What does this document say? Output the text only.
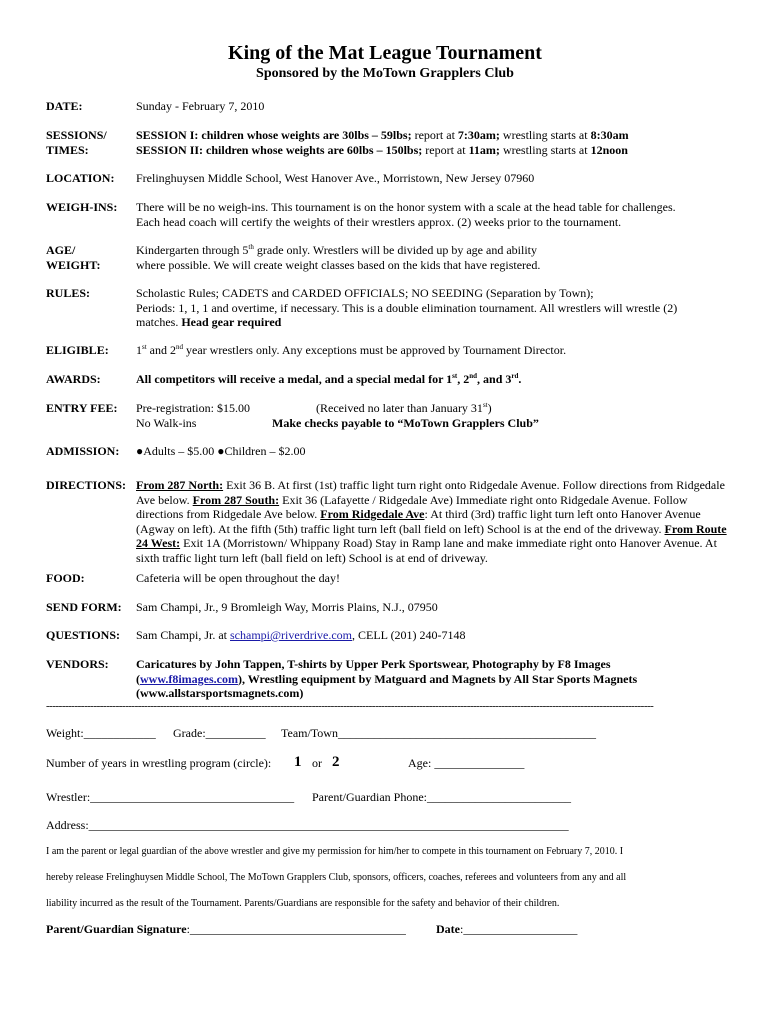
King of the Mat League Tournament
Sponsored by the MoTown Grapplers Club
DATE:	Sunday - February 7, 2010
SESSIONS/
TIMES:
SESSION I: children whose weights are 30lbs – 59lbs; report at 7:30am; wrestling starts at 8:30am
SESSION II: children whose weights are 60lbs – 150lbs; report at 11am; wrestling starts at 12noon
LOCATION: Frelinghuysen Middle School, West Hanover Ave., Morristown, New Jersey 07960
WEIGH-INS: There will be no weigh-ins. This tournament is on the honor system with a scale at the head table for challenges.
Each head coach will certify the weights of their wrestlers approx. (2) weeks prior to the tournament.
AGE/
WEIGHT:
Kindergarten through 5th grade only. Wrestlers will be divided up by age and ability
where possible. We will create weight classes based on the kids that have registered.
RULES:	Scholastic Rules; CADETS and CARDED OFFICIALS; NO SEEDING (Separation by Town);
Periods: 1, 1, 1 and overtime, if necessary. This is a double elimination tournament. All wrestlers will wrestle (2)
matches. Head gear required
ELIGIBLE: 1st and 2nd year wrestlers only. Any exceptions must be approved by Tournament Director.
AWARDS:	All competitors will receive a medal, and a special medal for 1st, 2nd, and 3rd.
ENTRY FEE: Pre-registration: $15.00	(Received no later than January 31st)

No Walk-ins	Make checks payable to “MoTown Grapplers Club”
ADMISSION: ●Adults – $5.00 ●Children – $2.00
DIRECTIONS: From 287 North: Exit 36 B. At first (1st) traffic light turn right onto Ridgedale Avenue. Follow directions from Ridgedale Ave below. From 287 South: Exit 36 (Lafayette / Ridgedale Ave) Immediate right onto Ridgedale Avenue. Follow directions from Ridgedale Ave below. From Ridgedale Ave: At third (3rd) traffic light turn left onto Hanover Avenue (Agway on left). At the fifth (5th) traffic light turn left (ball field on left) School is at the end of the driveway. From Route 24 West: Exit 1A (Morristown/ Whippany Road) Stay in Ramp lane and make immediate right onto Hanover Avenue. At sixth traffic light turn left (ball field on left) School is at end of driveway.
FOOD:	Cafeteria will be open throughout the day!
SEND FORM: Sam Champi, Jr., 9 Bromleigh Way, Morris Plains, N.J., 07950
QUESTIONS: Sam Champi, Jr. at schampi@riverdrive.com, CELL (201) 240-7148
VENDORS: Caricatures by John Tappen, T-shirts by Upper Perk Sportswear, Photography by F8 Images
(www.f8images.com), Wrestling equipment by Matguard and Magnets by All Star Sports Magnets
(www.allstarsportsmagnets.com)
------------------------------------------------------------------------------------------------------------------------------------------------------------------------------------------------
Weight:____________ Grade:__________ Team/Town___________________________________________
Number of years in wrestling program (circle): 1 or 2	Age: _______________
Wrestler:__________________________________ Parent/Guardian Phone:________________________
Address:________________________________________________________________________________
I am the parent or legal guardian of the above wrestler and give my permission for him/her to compete in this tournament on February 7, 2010. I
hereby release Frelinghuysen Middle School, The MoTown Grapplers Club, sponsors, officers, coaches, referees and volunteers from any and all
liability incurred as the result of the Tournament. Parents/Guardians are responsible for the safety and behavior of their children.
Parent/Guardian Signature:____________________________________	Date:___________________
